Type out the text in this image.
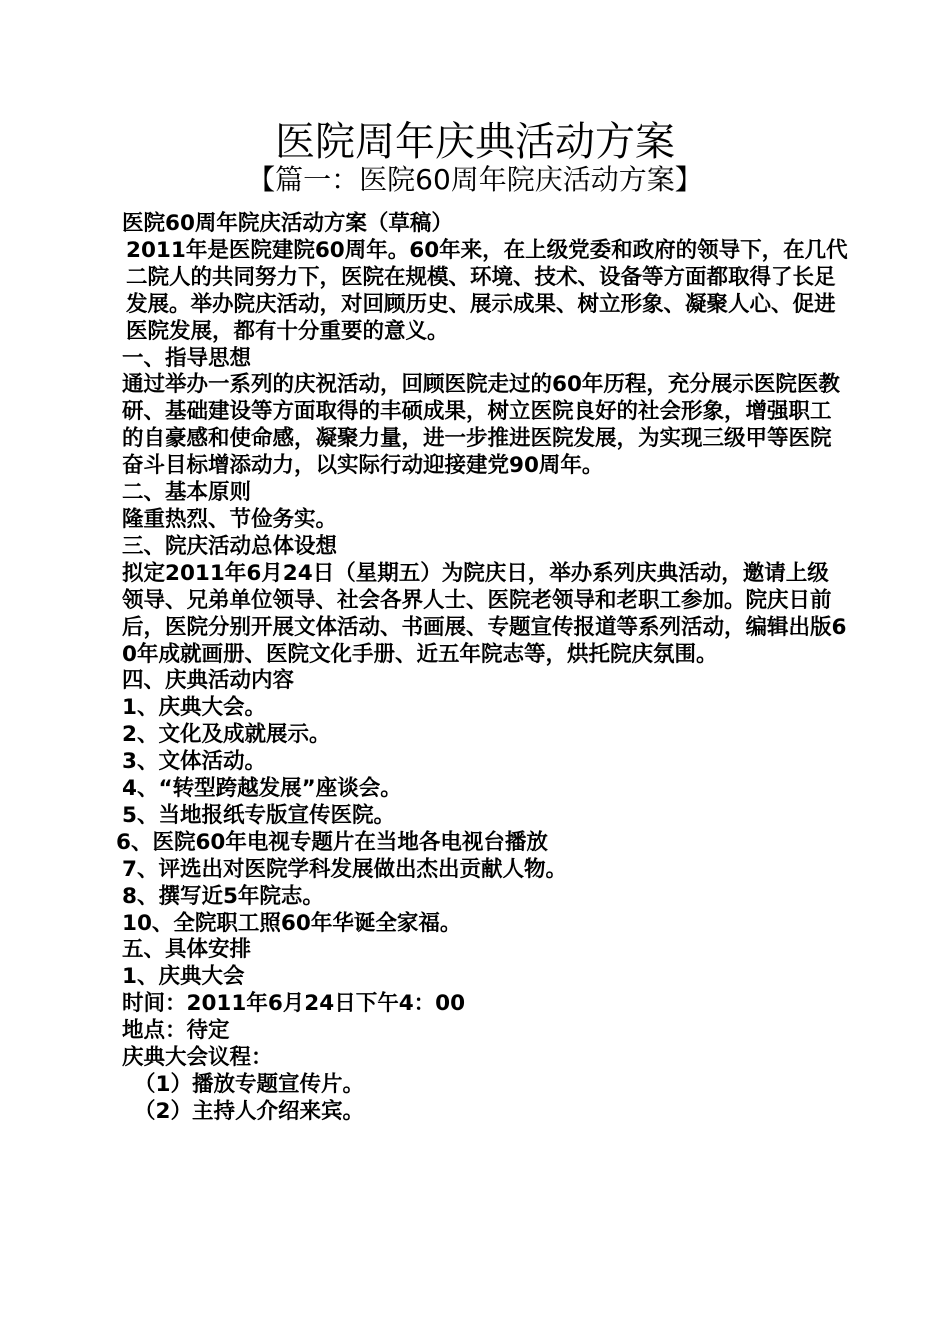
医院周年庆典活动方案
【篇一：医院60周年院庆活动方案】

医院60周年院庆活动方案（草稿）

2011年是医院建院60周年。60年来，在上级党委和政府的领导下，在几代二院人的共同努力下，医院在规模、环境、技术、设备等方面都取得了长足发展。举办院庆活动，对回顾历史、展示成果、树立形象、凝聚人心、促进医院发展，都有十分重要的意义。

一、指导思想

通过举办一系列的庆祝活动，回顾医院走过的60年历程，充分展示医院医教研、基础建设等方面取得的丰硕成果，树立医院良好的社会形象，增强职工的自豪感和使命感，凝聚力量，进一步推进医院发展，为实现三级甲等医院奋斗目标增添动力，以实际行动迎接建党90周年。

二、基本原则

隆重热烈、节俭务实。

三、院庆活动总体设想

拟定2011年6月24日（星期五）为院庆日，举办系列庆典活动，邀请上级领导、兄弟单位领导、社会各界人士、医院老领导和老职工参加。院庆日前后，医院分别开展文体活动、书画展、专题宣传报道等系列活动，编辑出版60年成就画册、医院文化手册、近五年院志等，烘托院庆氛围。

四、庆典活动内容

1、庆典大会。

2、文化及成就展示。

3、文体活动。

4、“转型跨越发展”座谈会。

5、当地报纸专版宣传医院。

6、医院60年电视专题片在当地各电视台播放

7、评选出对医院学科发展做出杰出贡献人物。

8、撰写近5年院志。

10、全院职工照60年华诞全家福。

五、具体安排

1、庆典大会

时间：2011年6月24日下午4：00

地点：待定

庆典大会议程：

（1）播放专题宣传片。

（2）主持人介绍来宾。
